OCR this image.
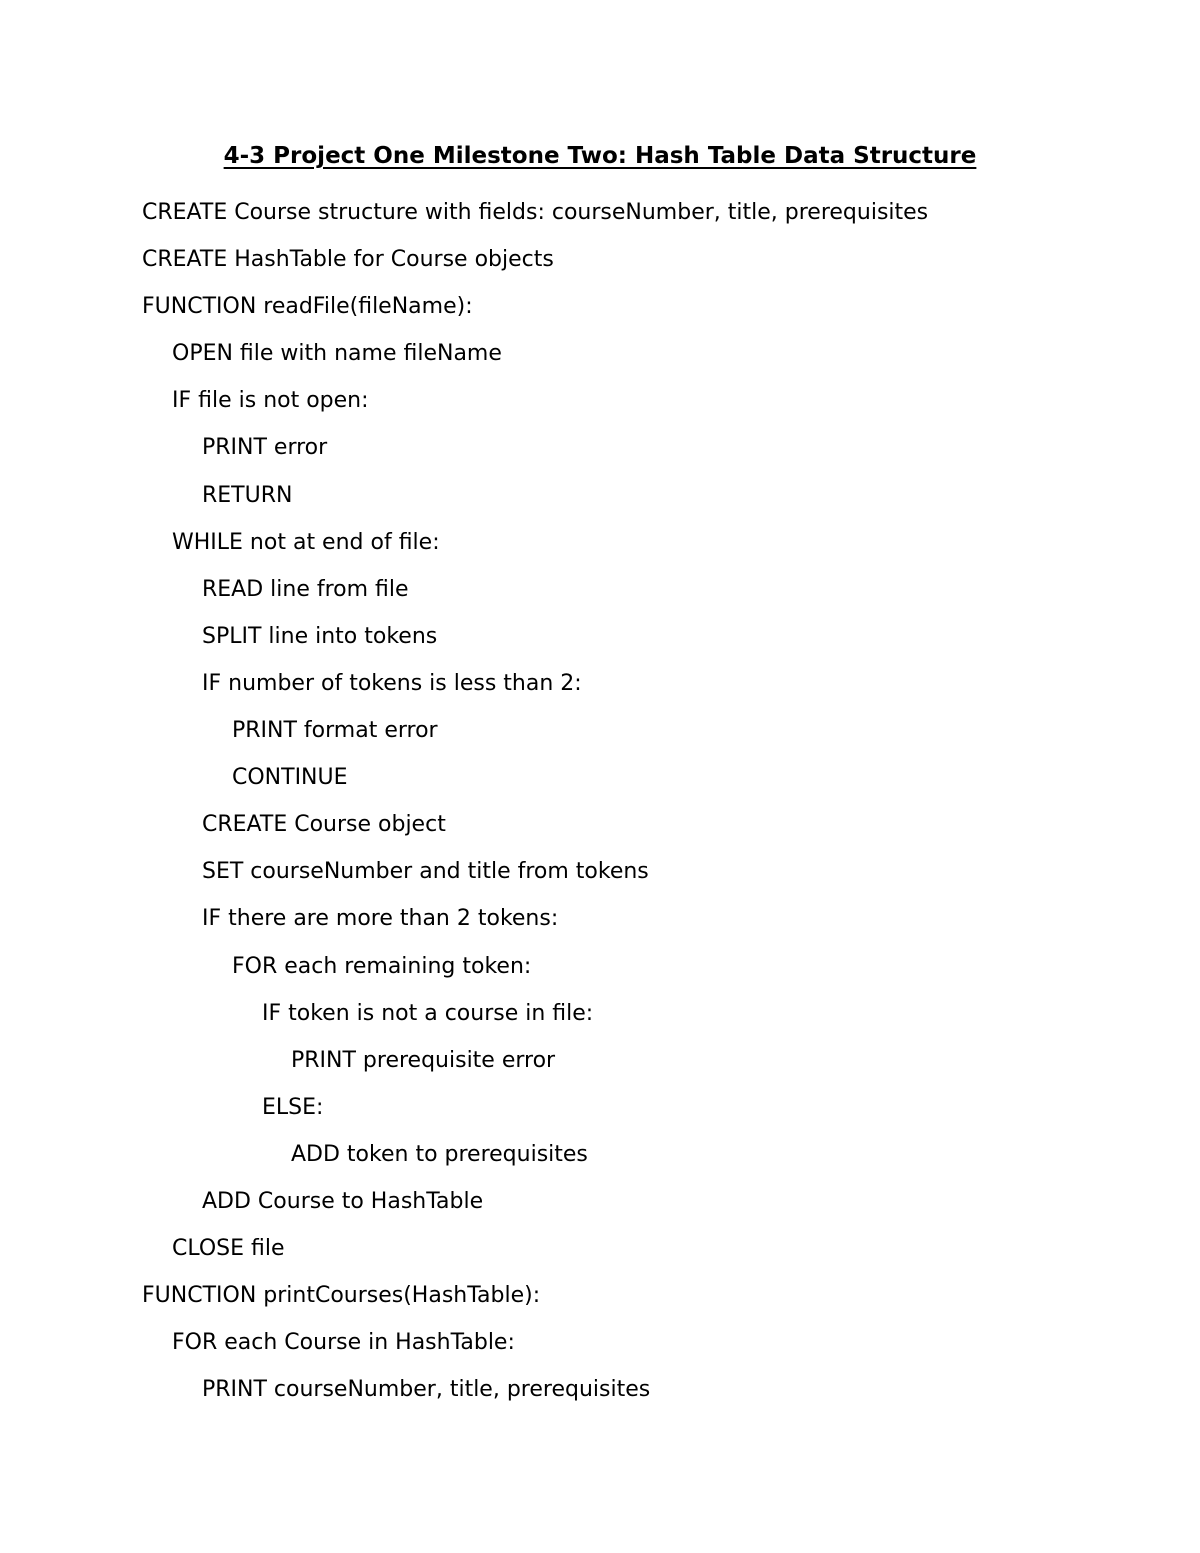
4-3 Project One Milestone Two: Hash Table Data Structure
CREATE Course structure with fields: courseNumber, title, prerequisites
CREATE HashTable for Course objects
FUNCTION readFile(fileName):
OPEN file with name fileName
IF file is not open:
PRINT error
RETURN
WHILE not at end of file:
READ line from file
SPLIT line into tokens
IF number of tokens is less than 2:
PRINT format error
CONTINUE
CREATE Course object
SET courseNumber and title from tokens
IF there are more than 2 tokens:
FOR each remaining token:
IF token is not a course in file:
PRINT prerequisite error
ELSE:
ADD token to prerequisites
ADD Course to HashTable
CLOSE file
FUNCTION printCourses(HashTable):
FOR each Course in HashTable:
PRINT courseNumber, title, prerequisites
